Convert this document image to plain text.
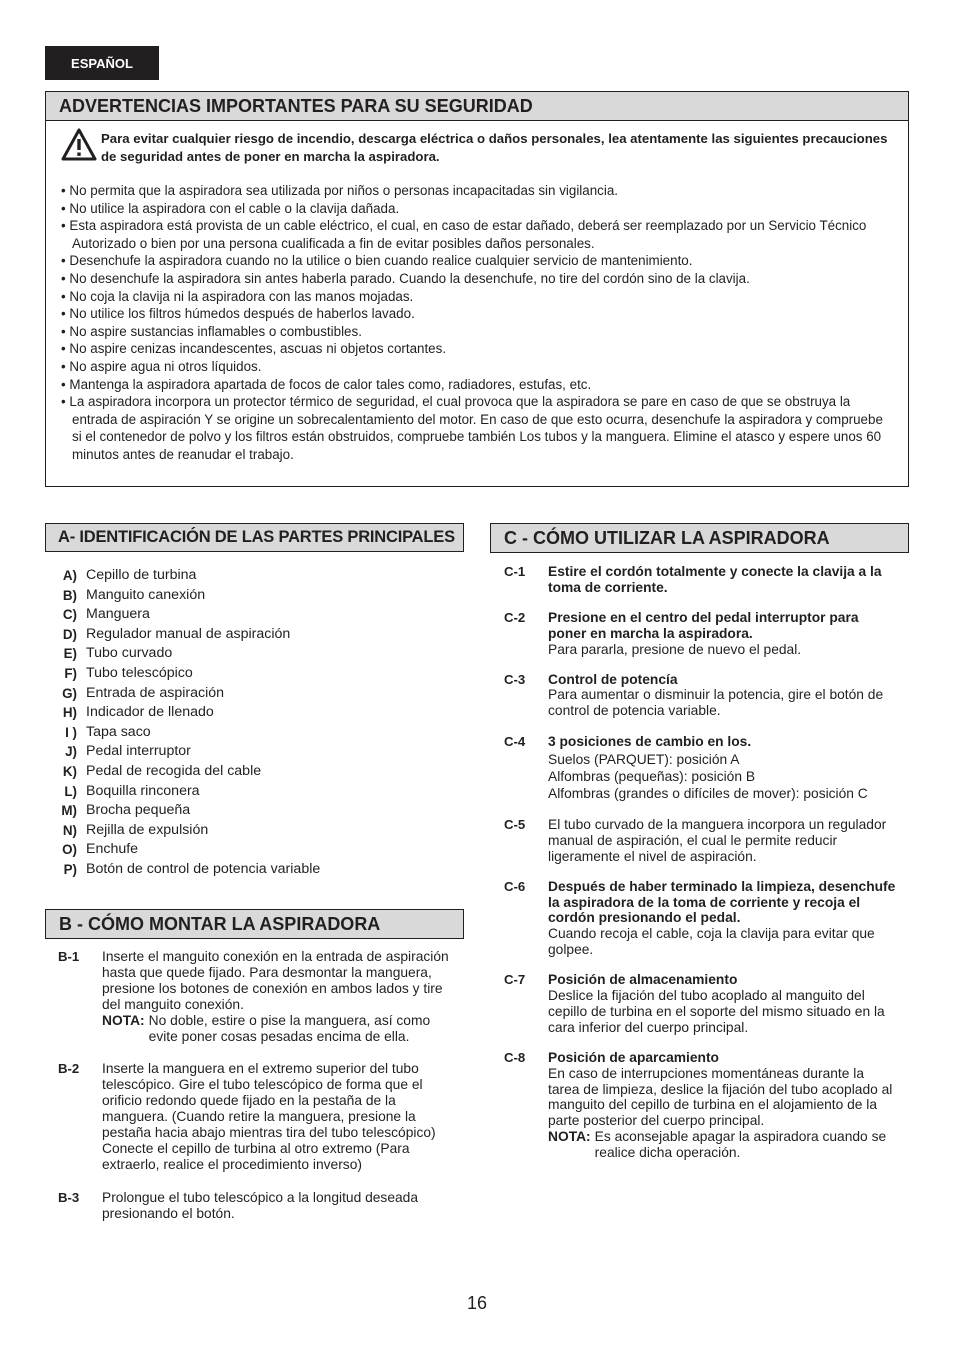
ESPAÑOL
ADVERTENCIAS IMPORTANTES PARA SU SEGURIDAD
Para evitar cualquier riesgo de incendio, descarga eléctrica o daños personales, lea atentamente las siguientes precauciones de seguridad antes de poner en marcha la aspiradora.
• No permita que la aspiradora sea utilizada por niños o personas incapacitadas sin vigilancia.
• No utilice la aspiradora con el cable o la clavija dañada.
• Esta aspiradora está provista de un cable eléctrico, el cual, en caso de estar dañado, deberá ser reemplazado por un Servicio Técnico Autorizado o bien por una persona cualificada a fin de evitar posibles daños personales.
• Desenchufe la aspiradora cuando no la utilice o bien cuando realice cualquier servicio de mantenimiento.
• No desenchufe la aspiradora sin antes haberla parado. Cuando la desenchufe, no tire del cordón sino de la clavija.
• No coja la clavija ni la aspiradora con las manos mojadas.
• No utilice los filtros húmedos después de haberlos lavado.
• No aspire sustancias inflamables o combustibles.
• No aspire cenizas incandescentes, ascuas ni objetos cortantes.
• No aspire agua ni otros líquidos.
• Mantenga la aspiradora apartada de focos de calor tales como, radiadores, estufas, etc.
• La aspiradora incorpora un protector térmico de seguridad, el cual provoca que la aspiradora se pare en caso de que se obstruya la entrada de aspiración Y se origine un sobrecalentamiento del motor. En caso de que esto ocurra, desenchufe la aspiradora y compruebe si el contenedor de polvo y los filtros están obstruidos, compruebe también Los tubos y la manguera. Elimine el atasco y espere unos 60 minutos antes de reanudar el trabajo.
A- IDENTIFICACIÓN DE LAS PARTES PRINCIPALES
A) Cepillo de turbina
B) Manguito canexión
C) Manguera
D) Regulador manual de aspiración
E) Tubo curvado
F) Tubo telescópico
G) Entrada de aspiración
H) Indicador de llenado
I ) Tapa saco
J) Pedal interruptor
K) Pedal de recogida del cable
L) Boquilla rinconera
M) Brocha pequeña
N) Rejilla de expulsión
O) Enchufe
P) Botón de control de potencia variable
B - CÓMO MONTAR LA ASPIRADORA
B-1	Inserte el manguito conexión en la entrada de aspiración hasta que quede fijado. Para desmontar la manguera, presione los botones de conexión en ambos lados y tire del manguito conexión.
NOTA: No doble, estire o pise la manguera, así como evite poner cosas pesadas encima de ella.
B-2	Inserte la manguera en el extremo superior del tubo telescópico. Gire el tubo telescópico de forma que el orificio redondo quede fijado en la pestaña de la manguera. (Cuando retire la manguera, presione la pestaña hacia abajo mientras tira del tubo telescópico)
Conecte el cepillo de turbina al otro extremo (Para extraerlo, realice el procedimiento inverso)
B-3	Prolongue el tubo telescópico a la longitud deseada presionando el botón.
C - CÓMO UTILIZAR LA ASPIRADORA
C-1	Estire el cordón totalmente y conecte la clavija a la toma de corriente.
C-2	Presione en el centro del pedal interruptor para poner en marcha la aspiradora.
Para pararla, presione de nuevo el pedal.
C-3	Control de potencía
Para aumentar o disminuir la potencia, gire el botón de control de potencia variable.
C-4	3 posiciones de cambio en los.
Suelos (PARQUET): posición A
Alfombras (pequeñas): posición B
Alfombras (grandes o difíciles de mover): posición C
C-5	El tubo curvado de la manguera incorpora un regulador manual de aspiración, el cual le permite reducir ligeramente el nivel de aspiración.
C-6	Después de haber terminado la limpieza, desenchufe la aspiradora de la toma de corriente y recoja el cordón presionando el pedal.
Cuando recoja el cable, coja la clavija para evitar que golpee.
C-7	Posición de almacenamiento
Deslice la fijación del tubo acoplado al manguito del cepillo de turbina en el soporte del mismo situado en la cara inferior del cuerpo principal.
C-8	Posición de aparcamiento
En caso de interrupciones momentáneas durante la tarea de limpieza, deslice la fijación del tubo acoplado al manguito del cepillo de turbina en el alojamiento de la parte posterior del cuerpo principal.
NOTA: Es aconsejable apagar la aspiradora cuando se realice dicha operación.
16
